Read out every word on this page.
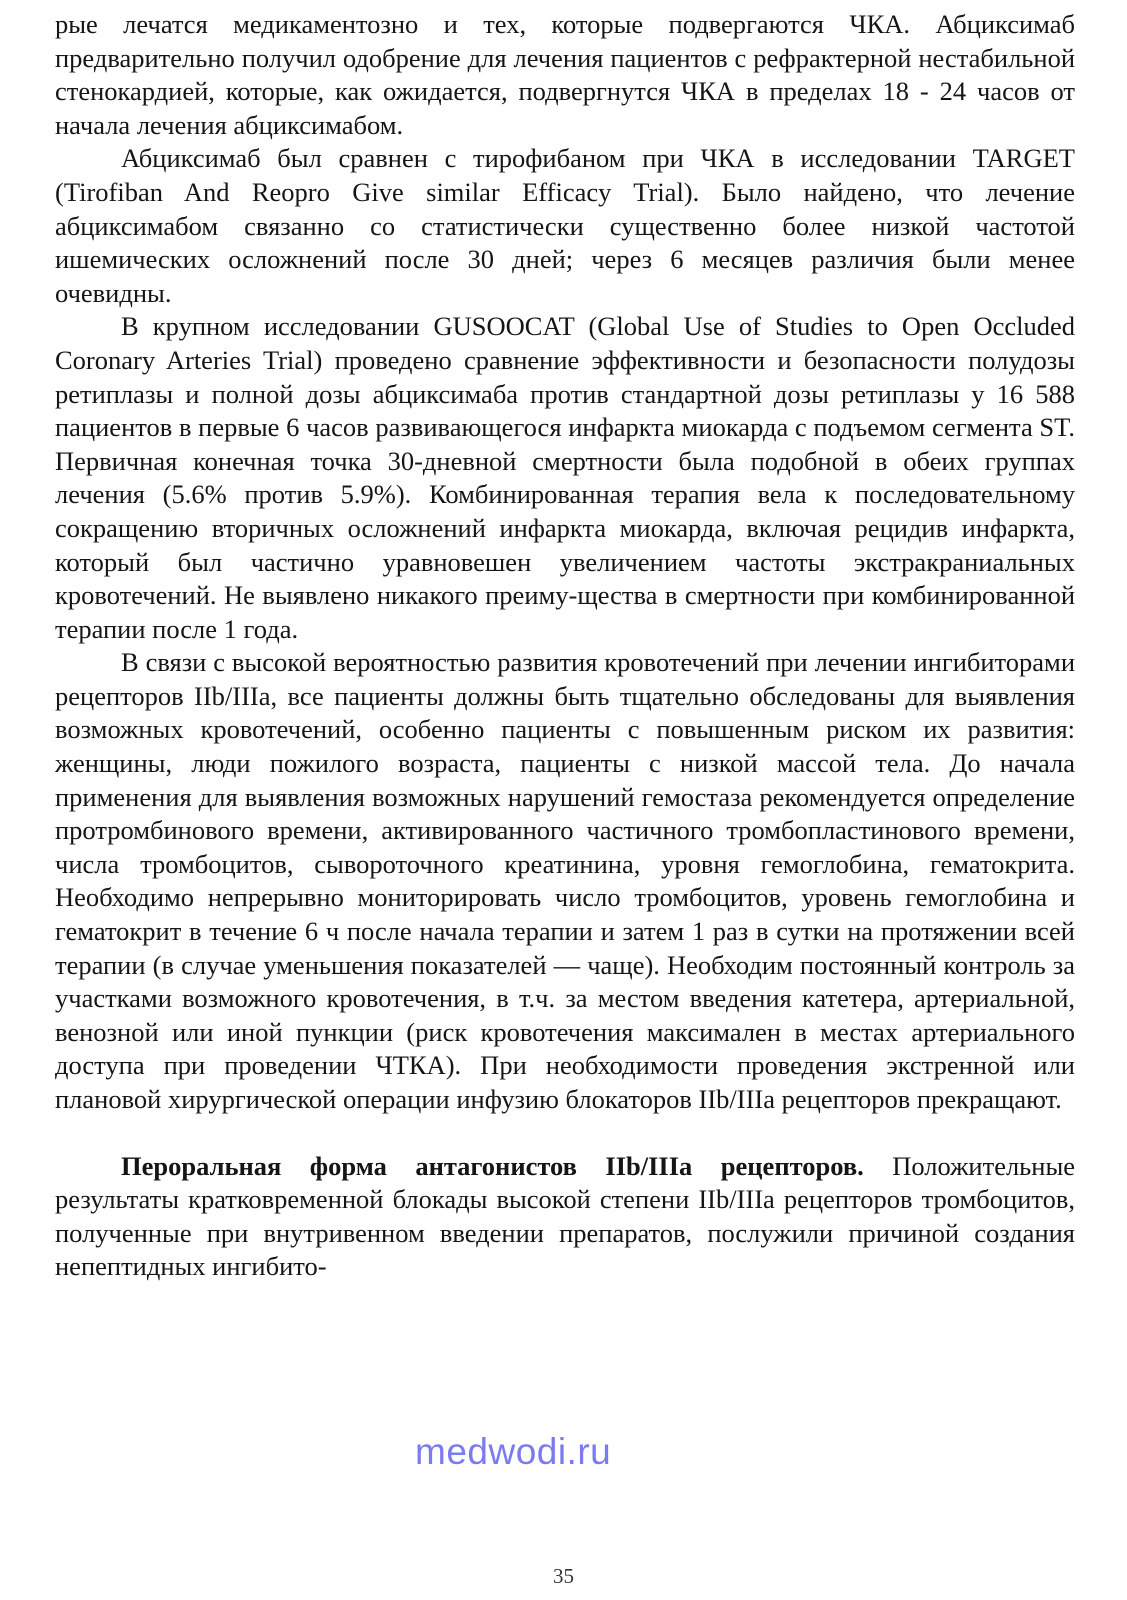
рые лечатся медикаментозно и тех, которые подвергаются ЧКА. Абциксимаб предварительно получил одобрение для лечения пациентов с рефрактерной нестабильной стенокардией, которые, как ожидается, подвергнутся ЧКА в пределах 18 - 24 часов от начала лечения абциксимабом.

Абциксимаб был сравнен с тирофибаном при ЧКА в исследовании TARGET (Tirofiban And Reopro Give similar Efficacy Trial). Было найдено, что лечение абциксимабом связанно со статистически существенно более низкой частотой ишемических осложнений после 30 дней; через 6 месяцев различия были менее очевидны.

В крупном исследовании GUSOOCAT (Global Use of Studies to Open Occluded Coronary Arteries Trial) проведено сравнение эффективности и безопасности полудозы ретиплазы и полной дозы абциксимаба против стандартной дозы ретиплазы у 16 588 пациентов в первые 6 часов развивающегося инфаркта миокарда с подъемом сегмента ST. Первичная конечная точка 30-дневной смертности была подобной в обеих группах лечения (5.6% против 5.9%). Комбинированная терапия вела к последовательному сокращению вторичных осложнений инфаркта миокарда, включая рецидив инфаркта, который был частично уравновешен увеличением частоты экстракраниальных кровотечений. Не выявлено никакого преиму-щества в смертности при комбинированной терапии после 1 года.

В связи с высокой вероятностью развития кровотечений при лечении ингибиторами рецепторов IIb/IIIa, все пациенты должны быть тщательно обследованы для выявления возможных кровотечений, особенно пациенты с повышенным риском их развития: женщины, люди пожилого возраста, пациенты с низкой массой тела. До начала применения для выявления возможных нарушений гемостаза рекомендуется определение протромбинового времени, активированного частичного тромбопластинового времени, числа тромбоцитов, сывороточного креатинина, уровня гемоглобина, гематокрита. Необходимо непрерывно мониторировать число тромбоцитов, уровень гемоглобина и гематокрит в течение 6 ч после начала терапии и затем 1 раз в сутки на протяжении всей терапии (в случае уменьшения показателей — чаще). Необходим постоянный контроль за участками возможного кровотечения, в т.ч. за местом введения катетера, артериальной, венозной или иной пункции (риск кровотечения максимален в местах артериального доступа при проведении ЧТКА). При необходимости проведения экстренной или плановой хирургической операции инфузию блокаторов IIb/IIIa рецепторов прекращают.

Пероральная форма антагонистов IIb/IIIa рецепторов. Положительные результаты кратковременной блокады высокой степени IIb/IIIa рецепторов тромбоцитов, полученные при внутривенном введении препаратов, послужили причиной создания непептидных ингибито-

medwodi.ru
35
